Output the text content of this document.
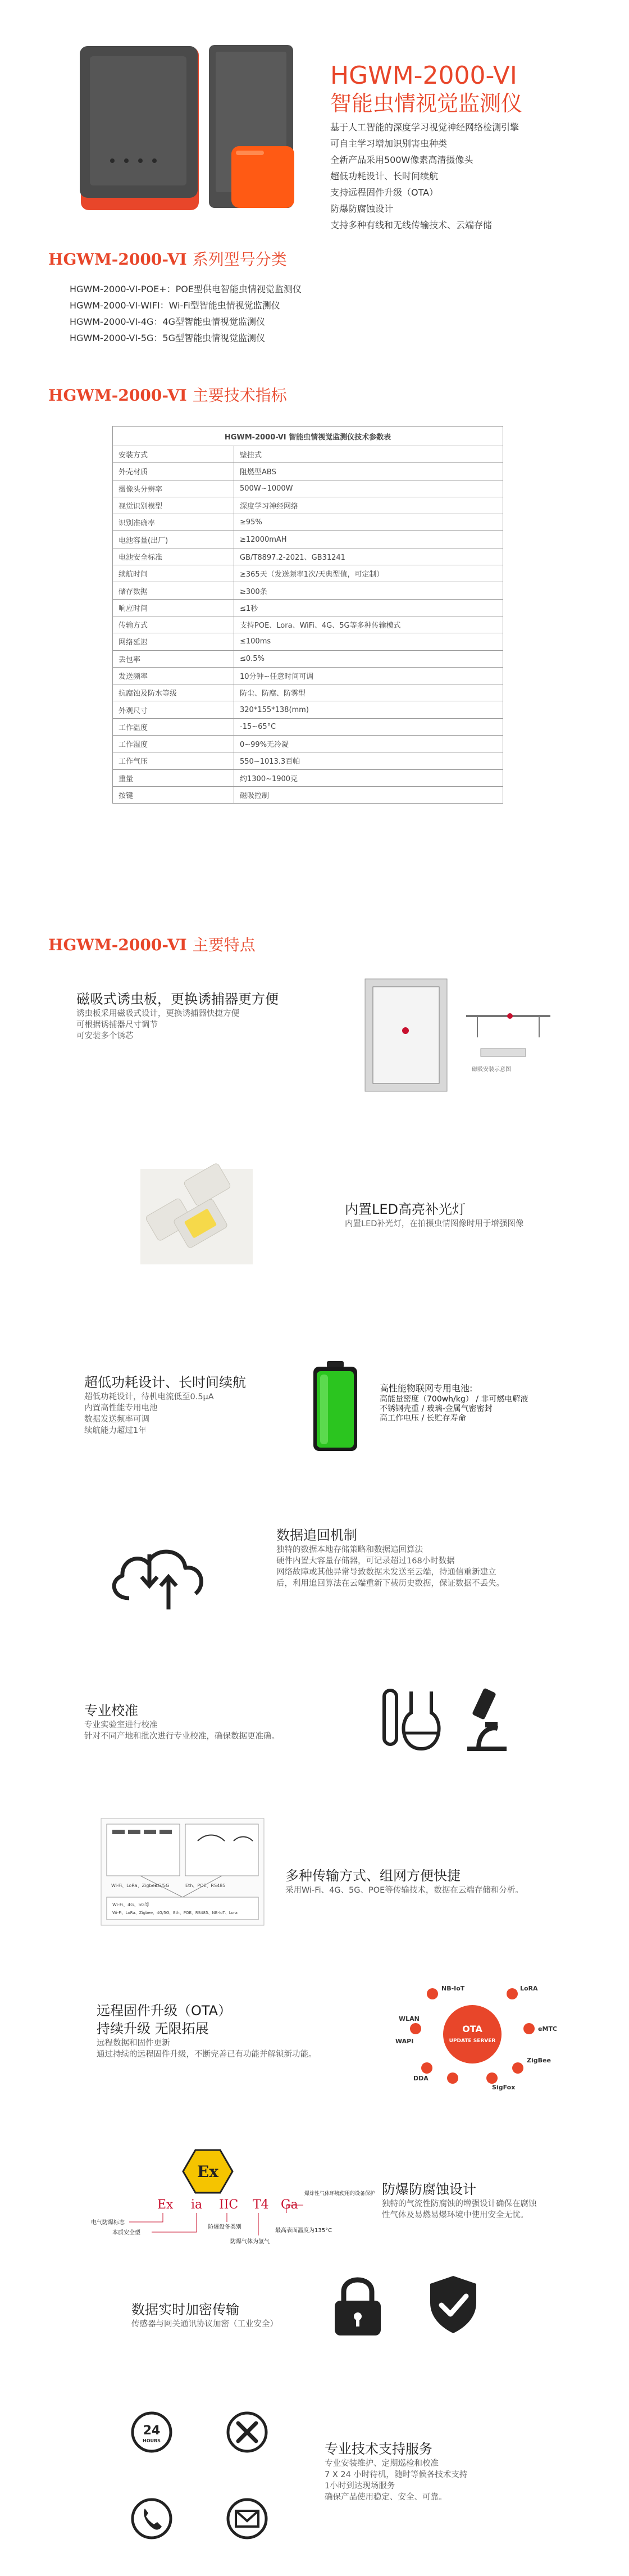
HGWM-2000-VI
智能虫情视觉监测仪
基于人工智能的深度学习视觉神经网络检测引擎
可自主学习增加识别害虫种类
全新产品采用500W像素高清摄像头
超低功耗设计、长时间续航
支持远程固件升级（OTA）
防爆防腐蚀设计
支持多种有线和无线传输技术、云端存储
HGWM-2000-VI 系列型号分类
HGWM-2000-VI-POE+：POE型供电智能虫情视觉监测仪
HGWM-2000-VI-WIFI：Wi-Fi型智能虫情视觉监测仪
HGWM-2000-VI-4G：4G型智能虫情视觉监测仪
HGWM-2000-VI-5G：5G型智能虫情视觉监测仪
HGWM-2000-VI 主要技术指标
HGWM-2000-VI 智能虫情视觉监测仪技术参数表	
安装方式	壁挂式
外壳材质	阻燃型ABS
摄像头分辨率	500W~1000W
视觉识别模型	深度学习神经网络
识别准确率	≥95%
电池容量(出厂)	≥12000mAH
电池安全标准	GB/T8897.2-2021、GB31241
续航时间	≥365天（发送频率1次/天典型值，可定制）
储存数据	≥300条
响应时间	≤1秒
传输方式	支持POE、Lora、WiFi、4G、5G等多种传输模式
网络延迟	≤100ms
丢包率	≤0.5%
发送频率	10分钟~任意时间可调
抗腐蚀及防水等级	防尘、防腐、防雾型
外观尺寸	320*155*138(mm)
工作温度	-15~65°C
工作湿度	0~99%无冷凝
工作气压	550~1013.3百帕
重量	约1300~1900克
按键	磁吸控制
HGWM-2000-VI 主要特点
磁吸式诱虫板，更换诱捕器更方便
诱虫板采用磁吸式设计，更换诱捕器快捷方便
可根据诱捕器尺寸调节
可安装多个诱芯
磁吸安装示意图
内置LED高亮补光灯
内置LED补光灯，在拍摄虫情图像时用于增强图像
超低功耗设计、长时间续航
超低功耗设计，待机电流低至0.5μA
内置高性能专用电池
数据发送频率可调
续航能力超过1年
高性能物联网专用电池:
高能量密度（700wh/kg） / 非可燃电解液
不锈钢壳重 / 玻璃-金属气密密封
高工作电压 / 长贮存寿命
数据追回机制
独特的数据本地存储策略和数据追回算法
硬件内置大容量存储器，可记录超过168小时数据
网络故障或其他异常导致数据未发送至云端，待通信重新建立
后，利用追回算法在云端重新下载历史数据，保证数据不丢失。
专业校准
专业实验室进行校准
针对不同产地和批次进行专业校准，确保数据更准确。
Wi-Fi、LoRa、Zigbee
4G/5G	Eth、POE、RS485
Wi-Fi、4G、5G等
Wi-Fi、LoRa、Zigbee、4G/5G、Eth、POE、RS485、NB-IoT、Lora
多种传输方式、组网方便快捷
采用Wi-Fi、4G、5G、POE等传输技术，数据在云端存储和分析。
远程固件升级（OTA）
持续升级 无限拓展
远程数据和固件更新
通过持续的远程固件升级，不断完善已有功能并解锁新功能。
OTA
UPDATE SERVER
NB-IoT	LoRA
WLAN
WAPI
eMTC
ZigBee
SigFox
DDA
Ex
Ex ia IIC T4 Ga
电气防爆标志
本质安全型
防爆设备类别
防爆气体为氢气
最高表面温度为135°C
爆炸性气体环境使用的设备保护 防爆防腐蚀设计
独特的气流性防腐蚀的增强设计确保在腐蚀
性气体及易燃易爆环境中使用安全无忧。
数据实时加密传输
传感器与网关通讯协议加密（工业安全）
24
HOURS
专业技术支持服务
专业安装维护、定期巡检和校准
7 X 24 小时待机，随时等候各技术支持
1小时到达现场服务
确保产品使用稳定、安全、可靠。
